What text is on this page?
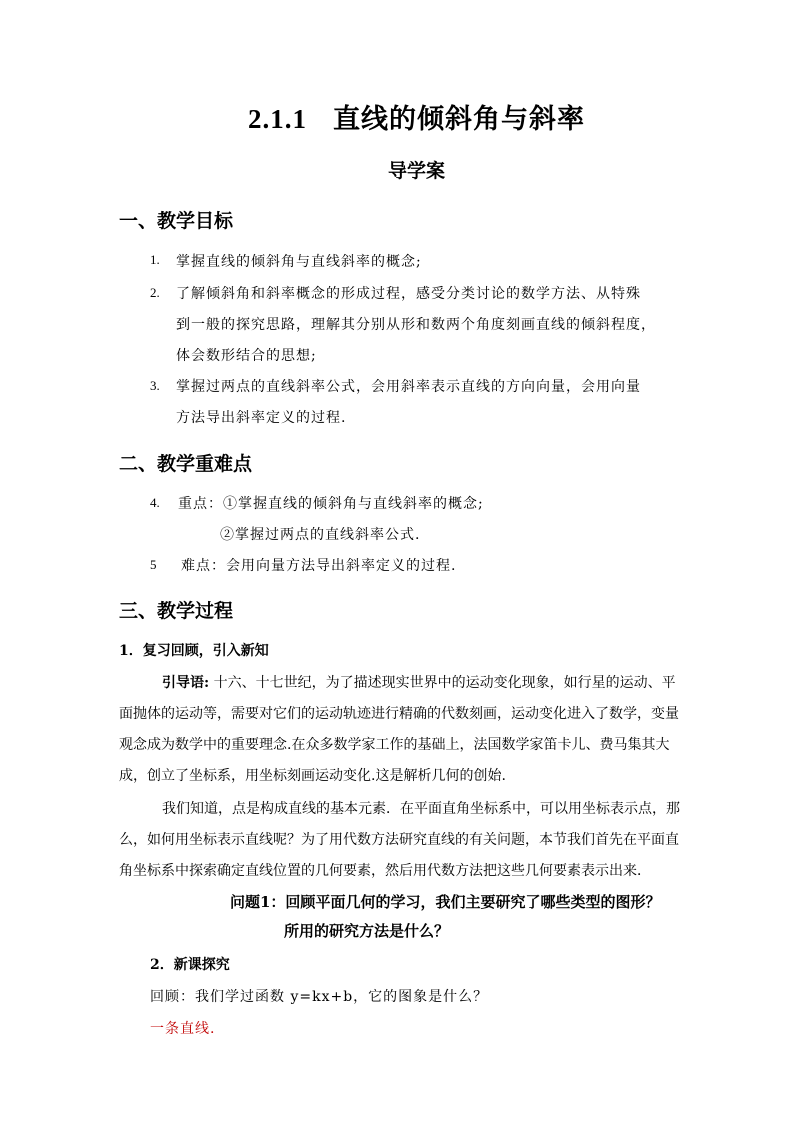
2.1.1 直线的倾斜角与斜率
导学案
一、教学目标
1. 掌握直线的倾斜角与直线斜率的概念;
2. 了解倾斜角和斜率概念的形成过程，感受分类讨论的数学方法、从特殊
到一般的探究思路，理解其分别从形和数两个角度刻画直线的倾斜程度，
体会数形结合的思想;
3. 掌握过两点的直线斜率公式，会用斜率表示直线的方向向量，会用向量
方法导出斜率定义的过程.
二、教学重难点
4. 重点：①掌握直线的倾斜角与直线斜率的概念;
②掌握过两点的直线斜率公式.
5 难点：会用向量方法导出斜率定义的过程.
三、教学过程
1．复习回顾，引入新知
引导语: 十六、十七世纪，为了描述现实世界中的运动变化现象，如行星的运动、平
面抛体的运动等，需要对它们的运动轨迹进行精确的代数刻画，运动变化进入了数学，变量
观念成为数学中的重要理念.在众多数学家工作的基础上，法国数学家笛卡儿、费马集其大
成，创立了坐标系，用坐标刻画运动变化.这是解析几何的创始.
我们知道，点是构成直线的基本元素．在平面直角坐标系中，可以用坐标表示点，那
么，如何用坐标表示直线呢？为了用代数方法研究直线的有关问题，本节我们首先在平面直
角坐标系中探索确定直线位置的几何要素，然后用代数方法把这些几何要素表示出来．
问题1：回顾平面几何的学习，我们主要研究了哪些类型的图形？
所用的研究方法是什么？
2．新课探究
回顾：我们学过函数 y=kx+b，它的图象是什么？
一条直线.
